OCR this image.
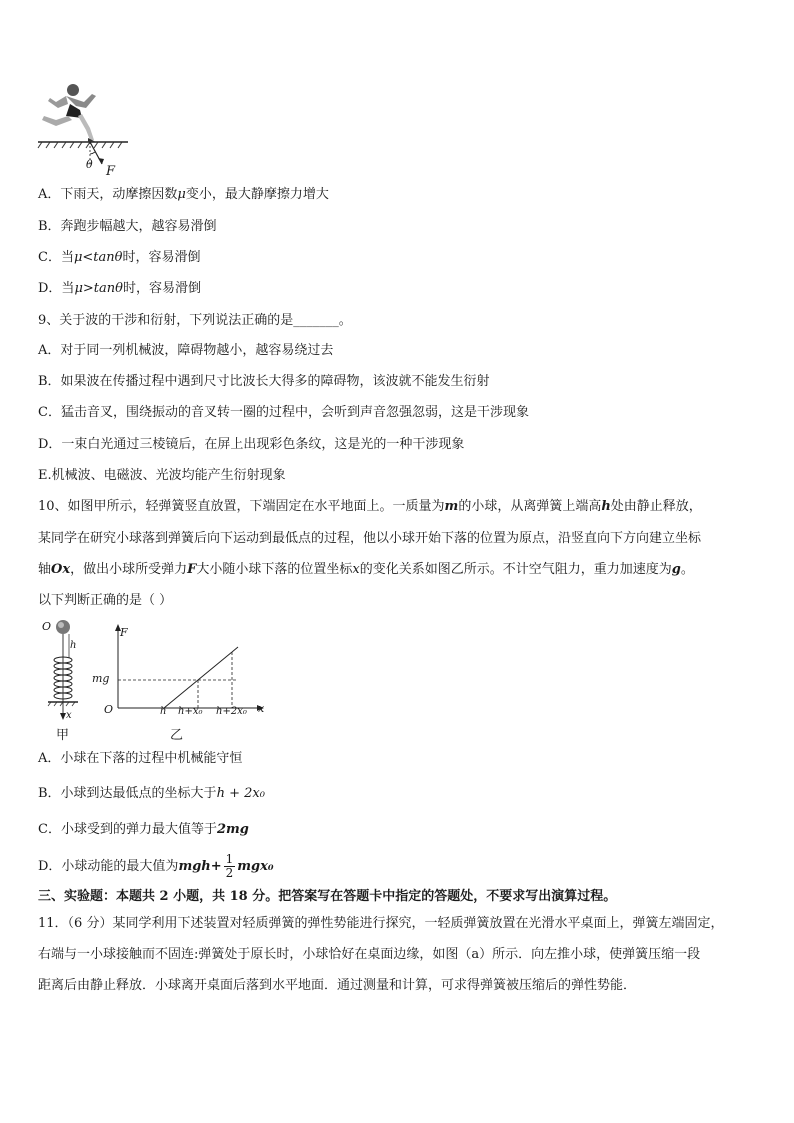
F
θ
A．下雨天，动摩擦因数μ变小，最大静摩擦力增大
B．奔跑步幅越大，越容易滑倒
C．当μ<tanθ时，容易滑倒
D．当μ>tanθ时，容易滑倒
9、关于波的干涉和衍射，下列说法正确的是_______。
A．对于同一列机械波，障碍物越小，越容易绕过去
B．如果波在传播过程中遇到尺寸比波长大得多的障碍物，该波就不能发生衍射
C．猛击音叉，围绕振动的音叉转一圈的过程中，会听到声音忽强忽弱，这是干涉现象
D．一束白光通过三棱镜后，在屏上出现彩色条纹，这是光的一种干涉现象
E.机械波、电磁波、光波均能产生衍射现象
10、如图甲所示，轻弹簧竖直放置，下端固定在水平地面上。一质量为m的小球，从离弹簧上端高h处由静止释放，
某同学在研究小球落到弹簧后向下运动到最低点的过程，他以小球开始下落的位置为原点，沿竖直向下方向建立坐标
轴Ox，做出小球所受弹力F大小随小球下落的位置坐标x的变化关系如图乙所示。不计空气阻力，重力加速度为g。
以下判断正确的是（ ）
O
h
x
甲
F
mg
O	h h+x₀ h+2x₀ x
乙
A．小球在下落的过程中机械能守恒
B．小球到达最低点的坐标大于h + 2x₀
C．小球受到的弹力最大值等于2mg
D．小球动能的最大值为$mgh+ \frac{1}{2} mgx_0$
三、实验题：本题共 2 小题，共 18 分。把答案写在答题卡中指定的答题处，不要求写出演算过程。
11．（6 分）某同学利用下述装置对轻质弹簧的弹性势能进行探究，一轻质弹簧放置在光滑水平桌面上，弹簧左端固定，
右端与一小球接触而不固连:弹簧处于原长时，小球恰好在桌面边缘，如图（a）所示．向左推小球，使弹簧压缩一段
距离后由静止释放．小球离开桌面后落到水平地面．通过测量和计算，可求得弹簧被压缩后的弹性势能．
